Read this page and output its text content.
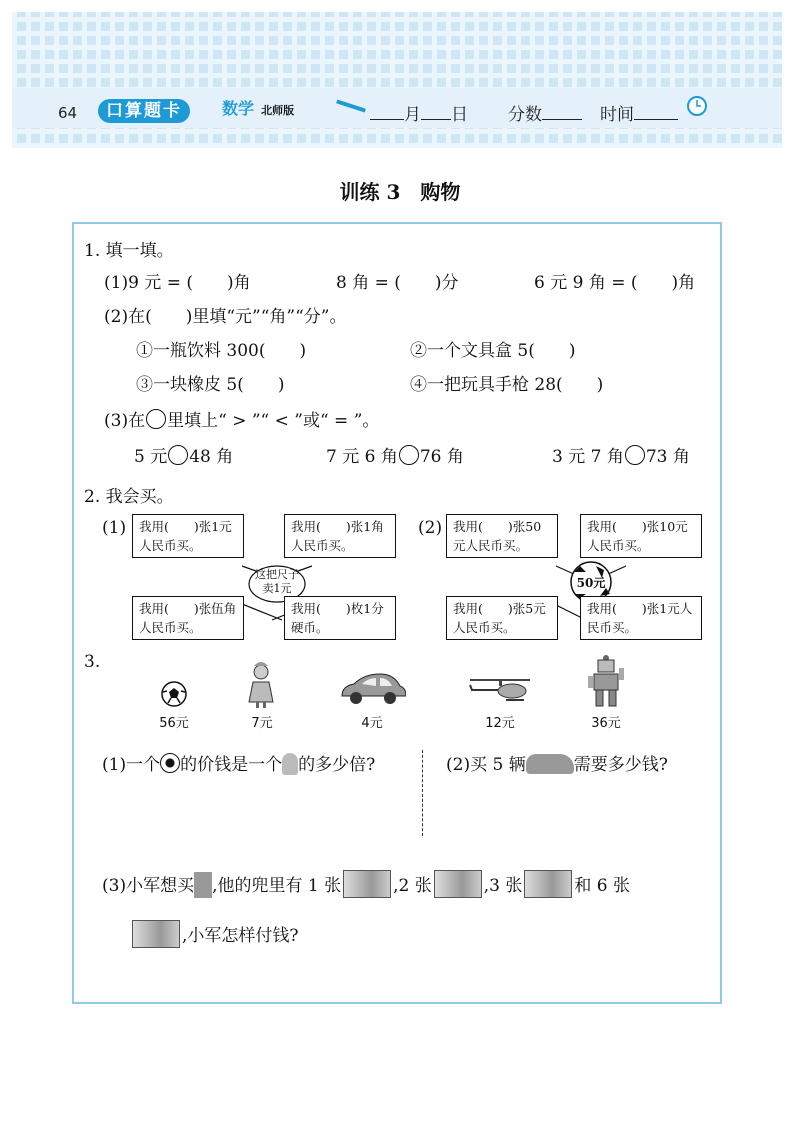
64	口算题卡	数学 北师版	月 日 分数	时间
训练 3　购物
1. 填一填。
(1)9 元 = (　　)角	8 角 = (　　)分	6 元 9 角 = (　　)角
(2)在(　　)里填“元”“角”“分”。
①一瓶饮料 300(　　)	②一个文具盒 5(　　)
③一块橡皮 5(　　)	④一把玩具手枪 28(　　)
(3)在 里填上“ > ”“ < ”或“ = ”。
5 元 48 角	7 元 6 角 76 角	3 元 7 角 73 角
2. 我会买。
(1)
这把尺子卖1元
我用(　　)张1元人民币买。
我用(　　)张1角人民币买。
我用(　　)张伍角人民币买。
我用(　　)枚1分硬币。
(2)
50元
我用(　　)张50元人民币买。
我用(　　)张10元人民币买。
我用(　　)张5元人民币买。
我用(　　)张1元人民币买。
3.
56元	7元	4元	12元	36元
(1)一个 的价钱是一个 的多少倍?	(2)买 5 辆	需要多少钱?
(3)小军想买 ,他的兜里有 1 张	,2 张	,3 张	和 6 张
,小军怎样付钱?
